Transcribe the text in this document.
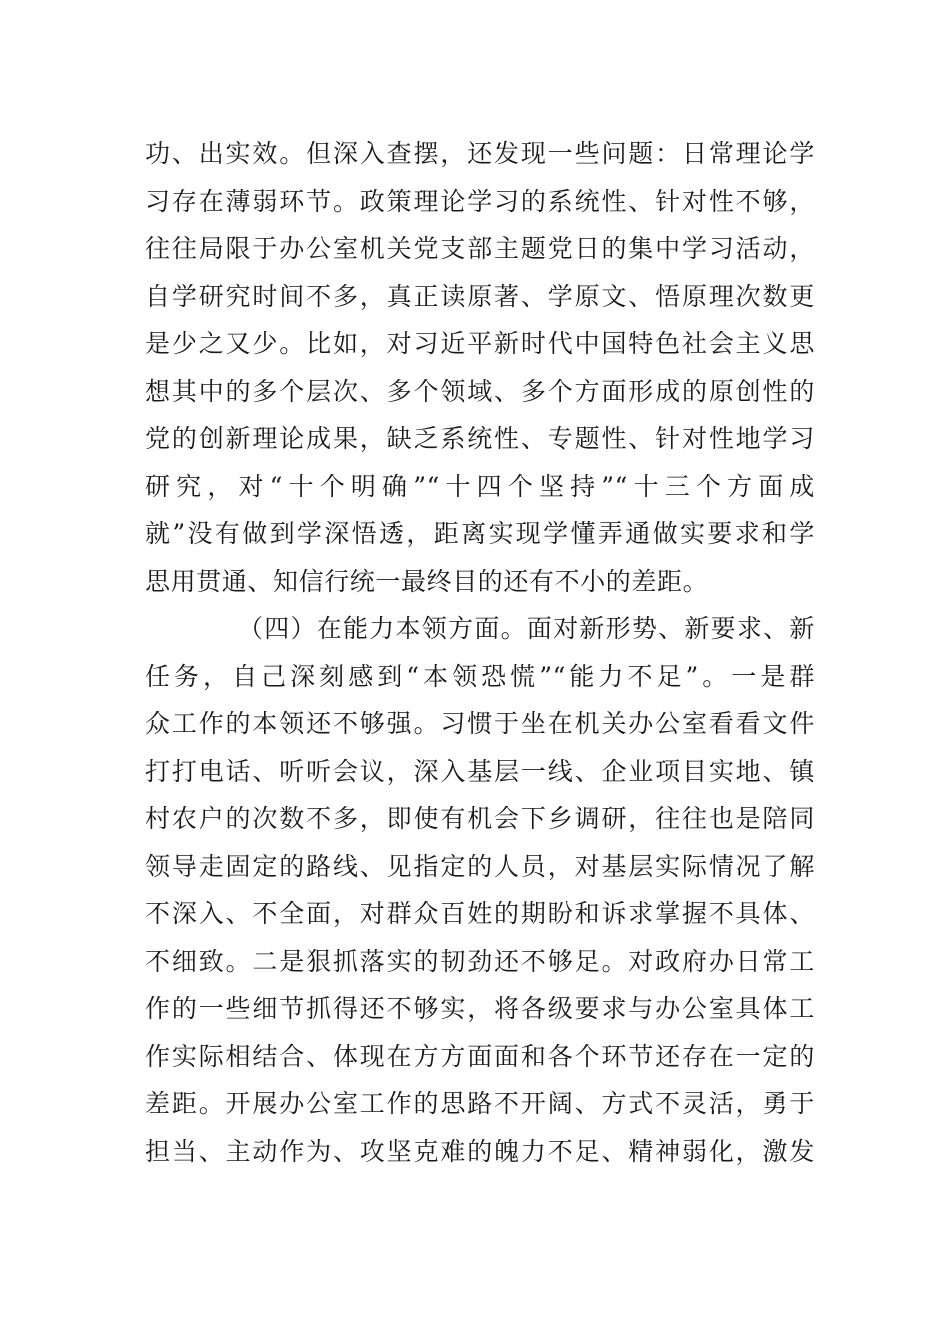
功、出实效。但深入查摆，还发现一些问题：日常理论学
习存在薄弱环节。政策理论学习的系统性、针对性不够，
往往局限于办公室机关党支部主题党日的集中学习活动，
自学研究时间不多，真正读原著、学原文、悟原理次数更
是少之又少。比如，对习近平新时代中国特色社会主义思
想其中的多个层次、多个领域、多个方面形成的原创性的
党的创新理论成果，缺乏系统性、专题性、针对性地学习
研究，对“十个明确”“十四个坚持”“十三个方面成
就”没有做到学深悟透，距离实现学懂弄通做实要求和学
思用贯通、知信行统一最终目的还有不小的差距。
（四）在能力本领方面。面对新形势、新要求、新
任务，自己深刻感到“本领恐慌”“能力不足”。一是群
众工作的本领还不够强。习惯于坐在机关办公室看看文件
打打电话、听听会议，深入基层一线、企业项目实地、镇
村农户的次数不多，即使有机会下乡调研，往往也是陪同
领导走固定的路线、见指定的人员，对基层实际情况了解
不深入、不全面，对群众百姓的期盼和诉求掌握不具体、
不细致。二是狠抓落实的韧劲还不够足。对政府办日常工
作的一些细节抓得还不够实，将各级要求与办公室具体工
作实际相结合、体现在方方面面和各个环节还存在一定的
差距。开展办公室工作的思路不开阔、方式不灵活，勇于
担当、主动作为、攻坚克难的魄力不足、精神弱化，激发
